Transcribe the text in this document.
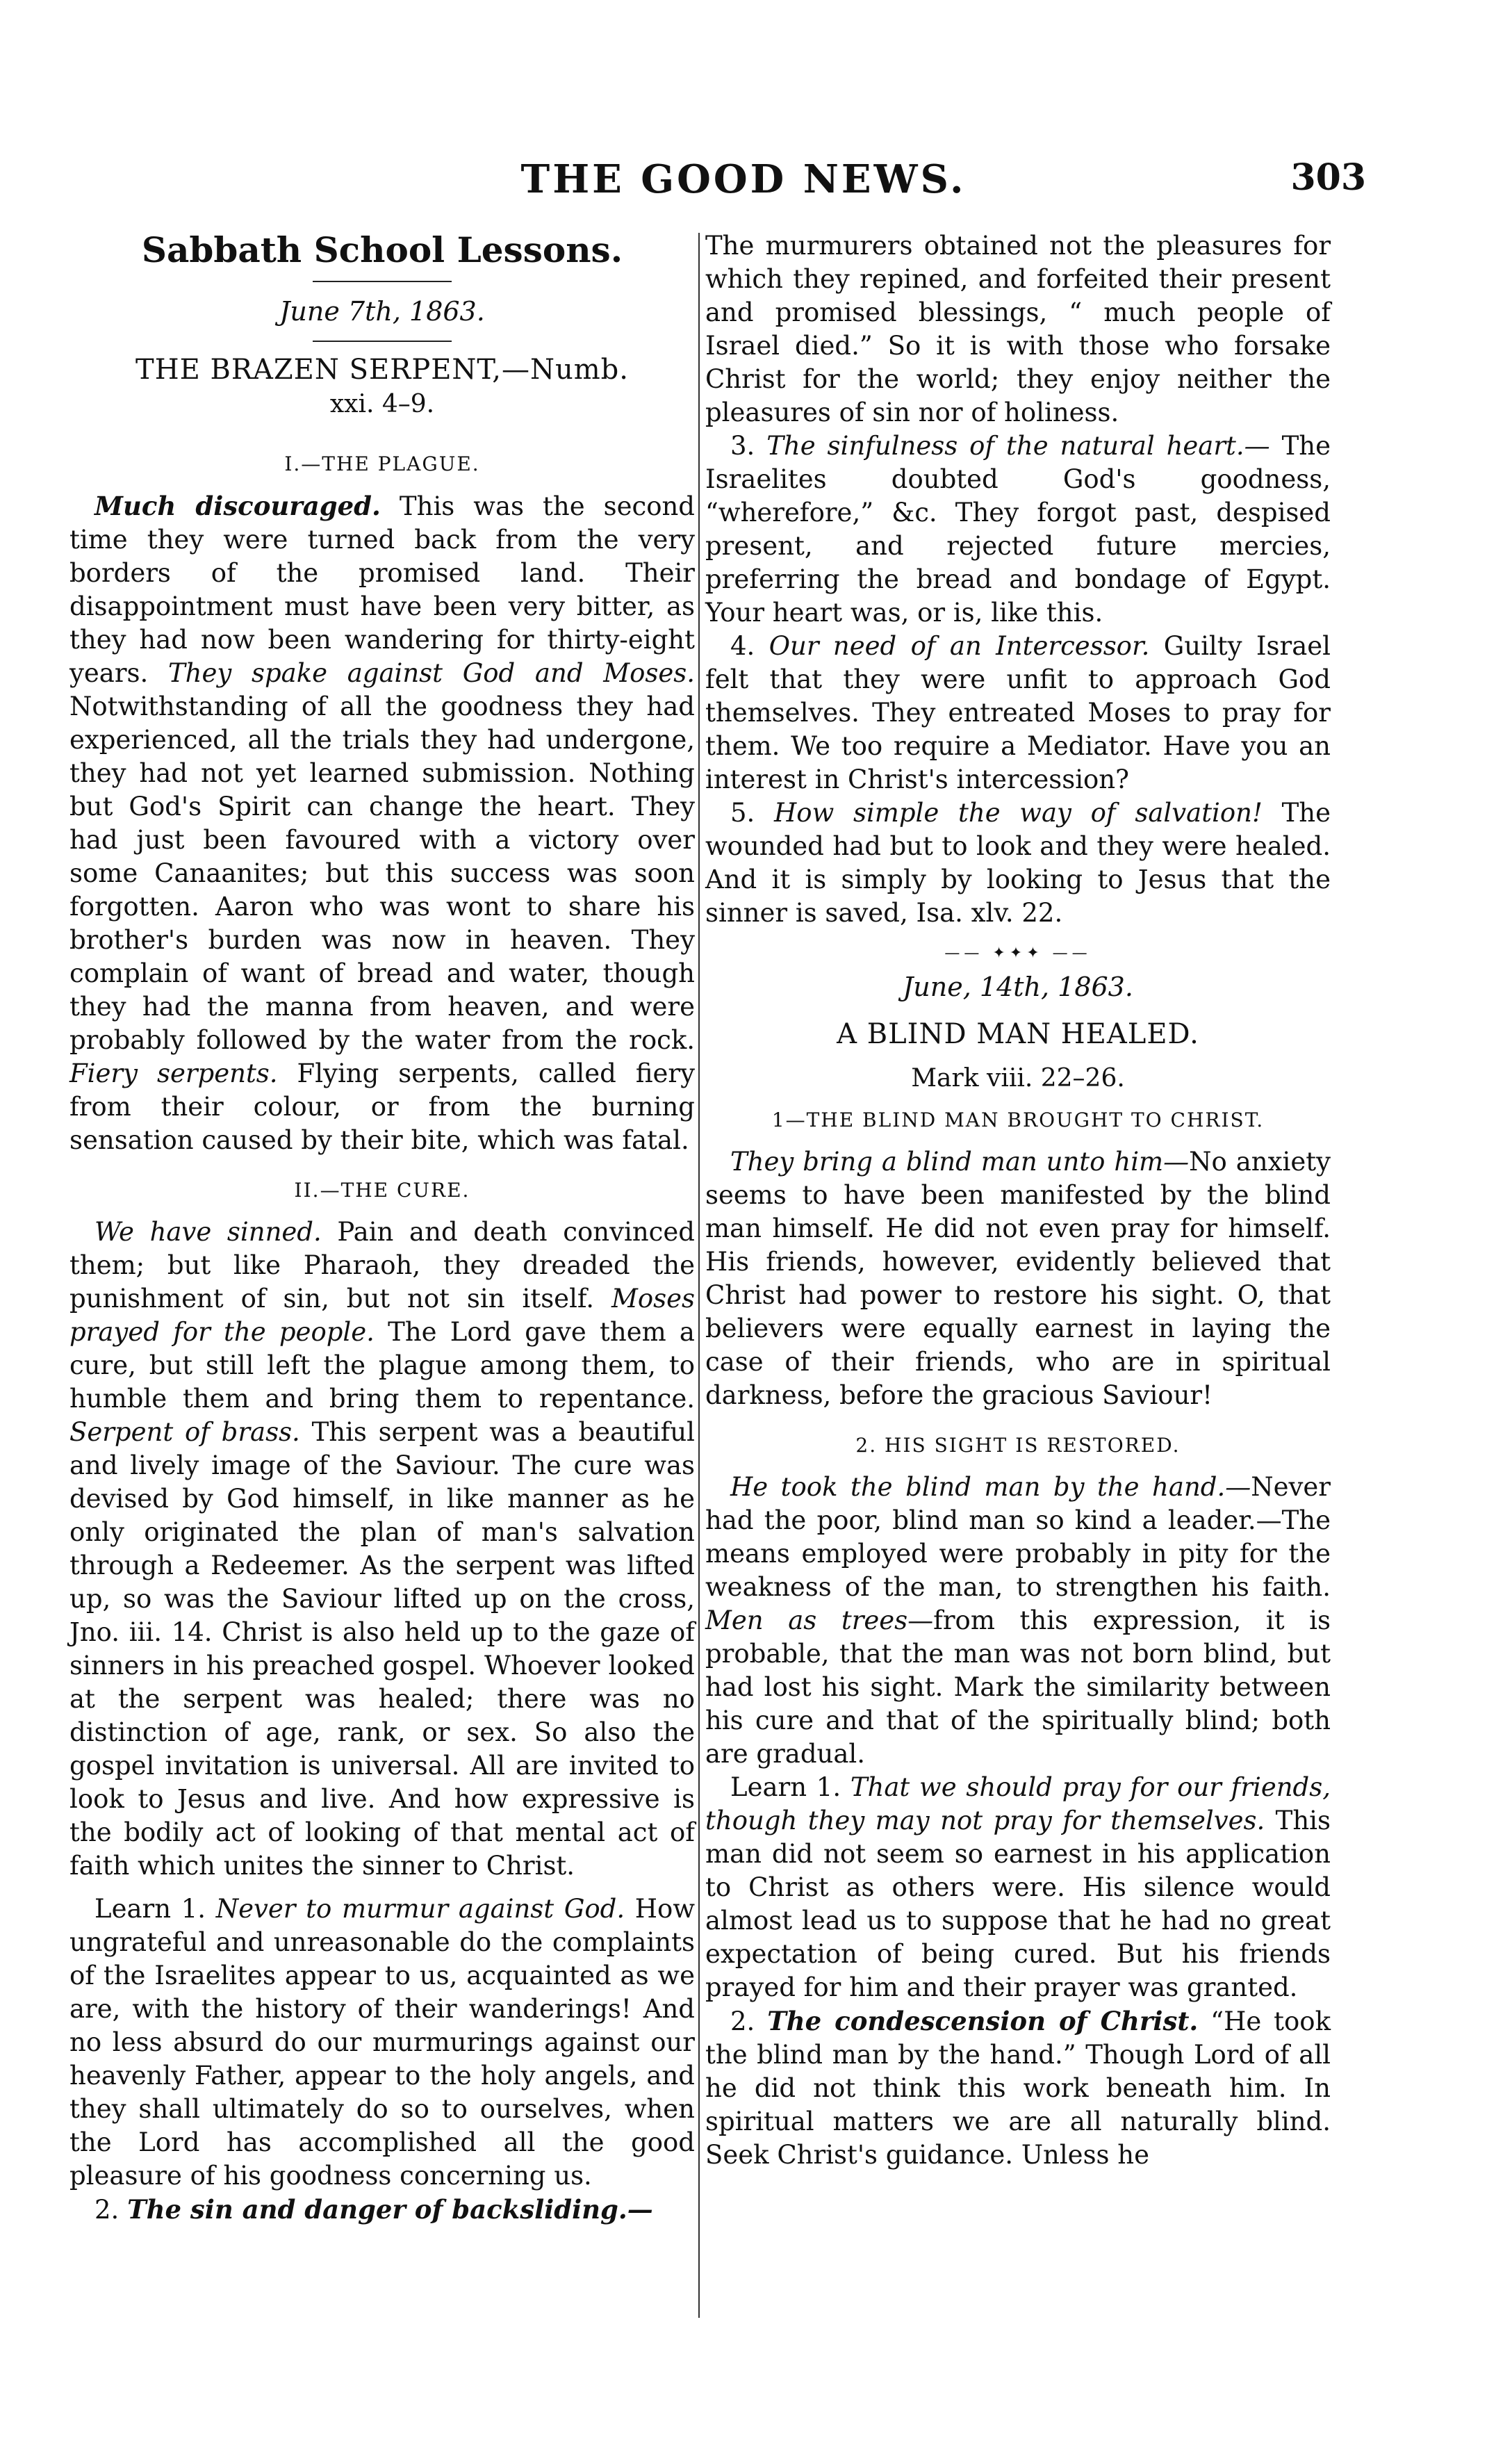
THE GOOD NEWS.	303
Sabbath School Lessons.
June 7th, 1863.
THE BRAZEN SERPENT,—Numb.
xxi. 4–9.
I.—THE PLAGUE.

Much discouraged. This was the second time they were turned back from the very borders of the promised land. Their disappointment must have been very bitter, as they had now been wandering for thirty-eight years. They spake against God and Moses. Notwithstanding of all the goodness they had experienced, all the trials they had undergone, they had not yet learned submission. Nothing but God's Spirit can change the heart. They had just been favoured with a victory over some Canaanites; but this success was soon forgotten. Aaron who was wont to share his brother's burden was now in heaven. They complain of want of bread and water, though they had the manna from heaven, and were probably followed by the water from the rock. Fiery serpents. Flying serpents, called fiery from their colour, or from the burning sensation caused by their bite, which was fatal.

II.—THE CURE.

We have sinned. Pain and death convinced them; but like Pharaoh, they dreaded the punishment of sin, but not sin itself. Moses prayed for the people. The Lord gave them a cure, but still left the plague among them, to humble them and bring them to repentance. Serpent of brass. This serpent was a beautiful and lively image of the Saviour. The cure was devised by God himself, in like manner as he only originated the plan of man's salvation through a Redeemer. As the serpent was lifted up, so was the Saviour lifted up on the cross, Jno. iii. 14. Christ is also held up to the gaze of sinners in his preached gospel. Whoever looked at the serpent was healed; there was no distinction of age, rank, or sex. So also the gospel invitation is universal. All are invited to look to Jesus and live. And how expressive is the bodily act of looking of that mental act of faith which unites the sinner to Christ.

Learn 1. Never to murmur against God. How ungrateful and unreasonable do the complaints of the Israelites appear to us, acquainted as we are, with the history of their wanderings! And no less absurd do our murmurings against our heavenly Father, appear to the holy angels, and they shall ultimately do so to ourselves, when the Lord has accomplished all the good pleasure of his goodness concerning us.

2. The sin and danger of backsliding.—

The murmurers obtained not the pleasures for which they repined, and forfeited their present and promised blessings, “ much people of Israel died.” So it is with those who forsake Christ for the world; they enjoy neither the pleasures of sin nor of holiness.

3. The sinfulness of the natural heart.— The Israelites doubted God's goodness, “wherefore,” &c. They forgot past, despised present, and rejected future mercies, preferring the bread and bondage of Egypt. Your heart was, or is, like this.

4. Our need of an Intercessor. Guilty Israel felt that they were unfit to approach God themselves. They entreated Moses to pray for them. We too require a Mediator. Have you an interest in Christ's intercession?

5. How simple the way of salvation! The wounded had but to look and they were healed. And it is simply by looking to Jesus that the sinner is saved, Isa. xlv. 22.

—— ✦✦✦ ——
June, 14th, 1863.
A BLIND MAN HEALED.
Mark viii. 22–26.
1—THE BLIND MAN BROUGHT TO CHRIST.

They bring a blind man unto him—No anxiety seems to have been manifested by the blind man himself. He did not even pray for himself. His friends, however, evidently believed that Christ had power to restore his sight. O, that believers were equally earnest in laying the case of their friends, who are in spiritual darkness, before the gracious Saviour!

2. HIS SIGHT IS RESTORED.

He took the blind man by the hand.—Never had the poor, blind man so kind a leader.—The means employed were probably in pity for the weakness of the man, to strengthen his faith. Men as trees—from this expression, it is probable, that the man was not born blind, but had lost his sight. Mark the similarity between his cure and that of the spiritually blind; both are gradual.

Learn 1. That we should pray for our friends, though they may not pray for themselves. This man did not seem so earnest in his application to Christ as others were. His silence would almost lead us to suppose that he had no great expectation of being cured. But his friends prayed for him and their prayer was granted.

2. The condescension of Christ. “He took the blind man by the hand.” Though Lord of all he did not think this work beneath him. In spiritual matters we are all naturally blind. Seek Christ's guidance. Unless he
